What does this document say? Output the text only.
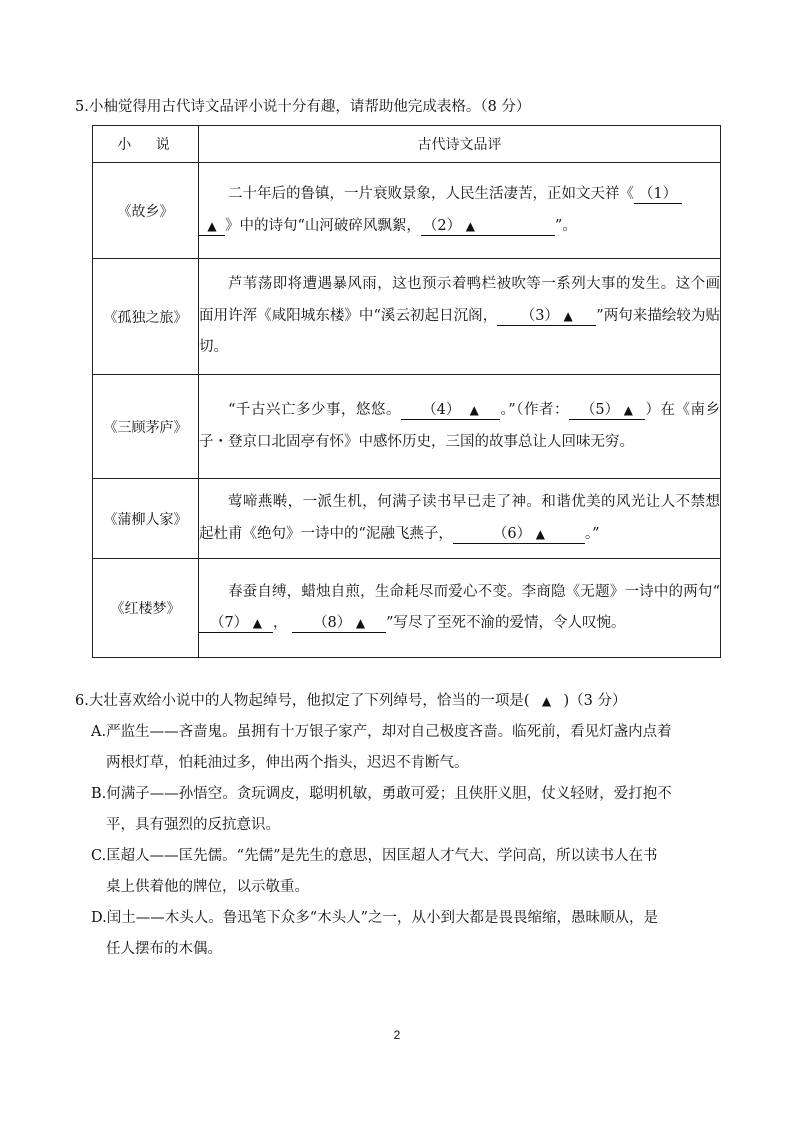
5.小柚觉得用古代诗文品评小说十分有趣，请帮助他完成表格。（8 分）
小 说	古代诗文品评
《故乡》	二十年后的鲁镇，一片衰败景象，人民生活凄苦，正如文天祥《 （1）
▲ 》中的诗句“山河破碎风飘絮， （2） ▲ ”。
《孤独之旅》	芦苇荡即将遭遇暴风雨，这也预示着鸭栏被吹等一系列大事的发生。这个画面用许浑《咸阳城东楼》中“溪云初起日沉阁， （3） ▲ ”两句来描绘较为贴切。
《三顾茅庐》	“千古兴亡多少事，悠悠。 （4） ▲ 。”（作者： （5） ▲ ）在《南乡子・登京口北固亭有怀》中感怀历史，三国的故事总让人回味无穷。
《蒲柳人家》	莺啼燕啭，一派生机，何满子读书早已走了神。和谐优美的风光让人不禁想起杜甫《绝句》一诗中的“泥融飞燕子， （6） ▲ 。”
《红楼梦》	春蚕自缚，蜡烛自煎，生命耗尽而爱心不变。李商隐《无题》一诗中的两句“（7） ▲ ， （8） ▲ ”写尽了至死不渝的爱情，令人叹惋。
6.大壮喜欢给小说中的人物起绰号，他拟定了下列绰号，恰当的一项是( ▲ )（3 分）
A.严监生——吝啬鬼。虽拥有十万银子家产，却对自己极度吝啬。临死前，看见灯盏内点着
两根灯草，怕耗油过多，伸出两个指头，迟迟不肯断气。
B.何满子——孙悟空。贪玩调皮，聪明机敏，勇敢可爱；且侠肝义胆，仗义轻财，爱打抱不
平，具有强烈的反抗意识。
C.匡超人——匡先儒。“先儒”是先生的意思，因匡超人才气大、学问高，所以读书人在书
桌上供着他的牌位，以示敬重。
D.闰土——木头人。鲁迅笔下众多“木头人”之一，从小到大都是畏畏缩缩，愚昧顺从，是
任人摆布的木偶。
2
